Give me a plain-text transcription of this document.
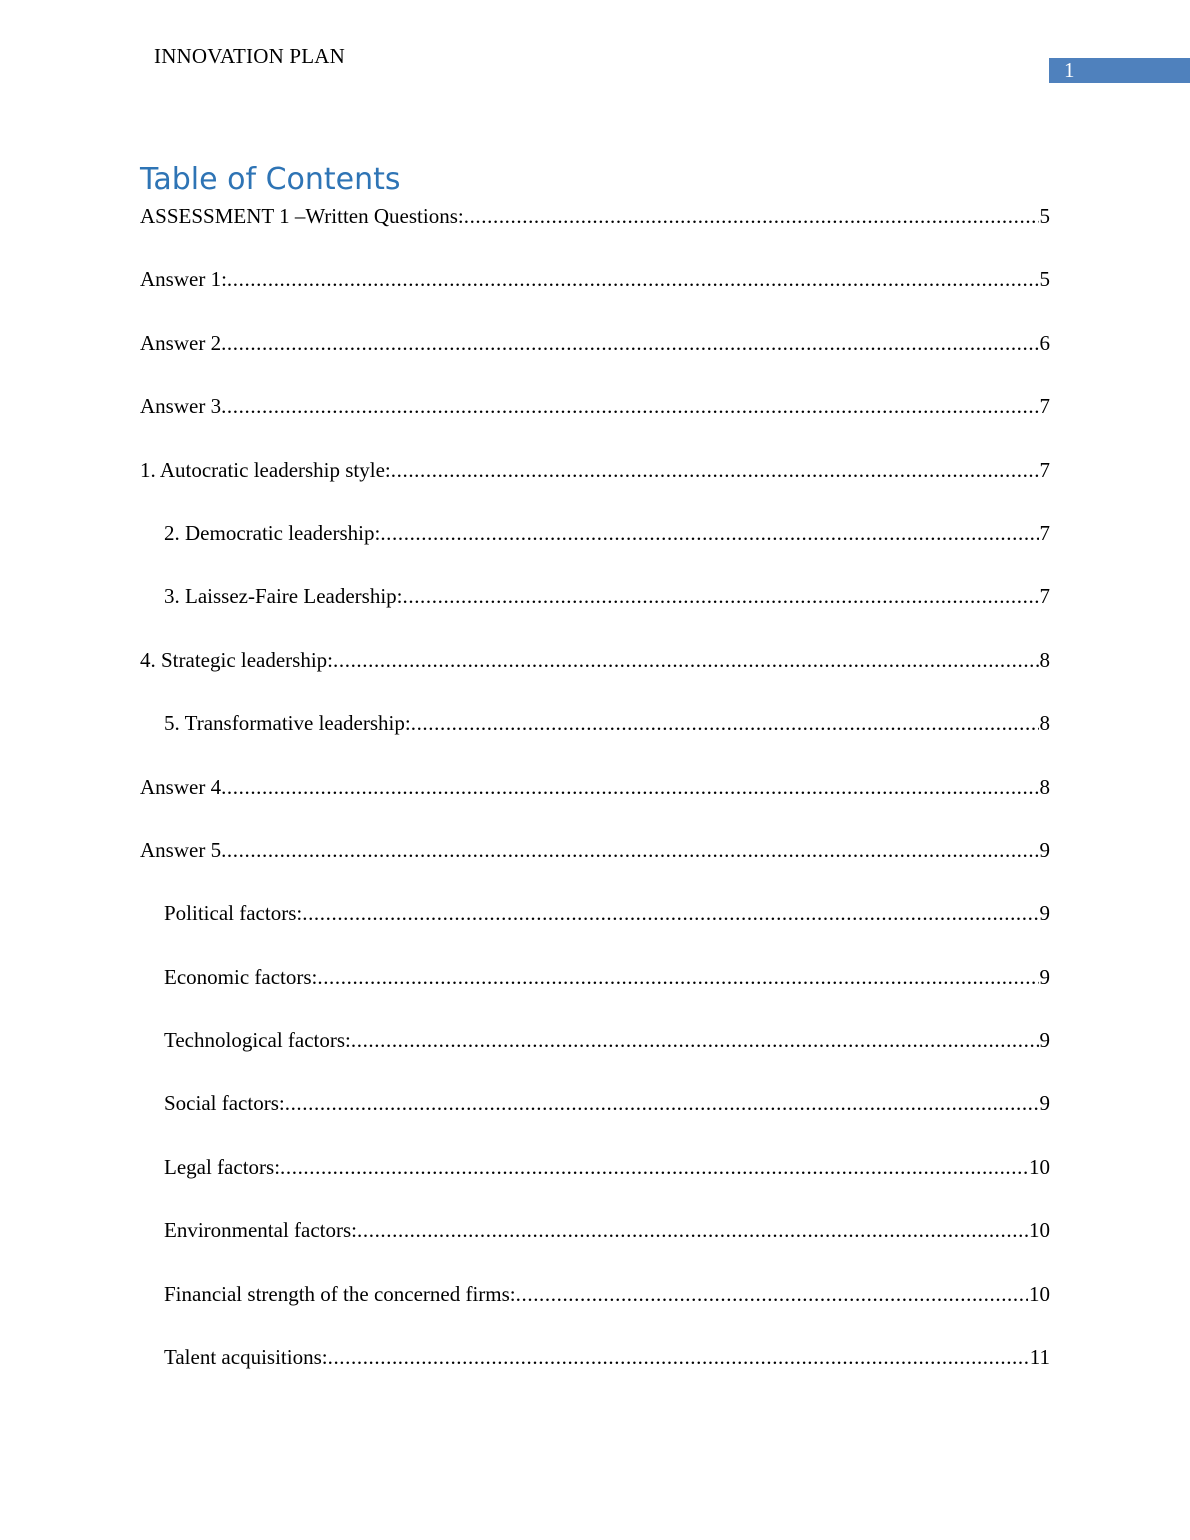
INNOVATION PLAN
1
Table of Contents
ASSESSMENT 1 –Written Questions: .....	5
Answer 1: .....	5
Answer 2 .....	6
Answer 3 .....	7
1. Autocratic leadership style: .....	7
2. Democratic leadership: .....	7
3. Laissez-Faire Leadership: .....	7
4. Strategic leadership: .....	8
5. Transformative leadership: .....	8
Answer 4 .....	8
Answer 5 .....	9
Political factors: .....	9
Economic factors: .....	9
Technological factors: .....	9
Social factors: .....	9
Legal factors: .....	10
Environmental factors: .....	10
Financial strength of the concerned firms: .....	10
Talent acquisitions: .....	11
